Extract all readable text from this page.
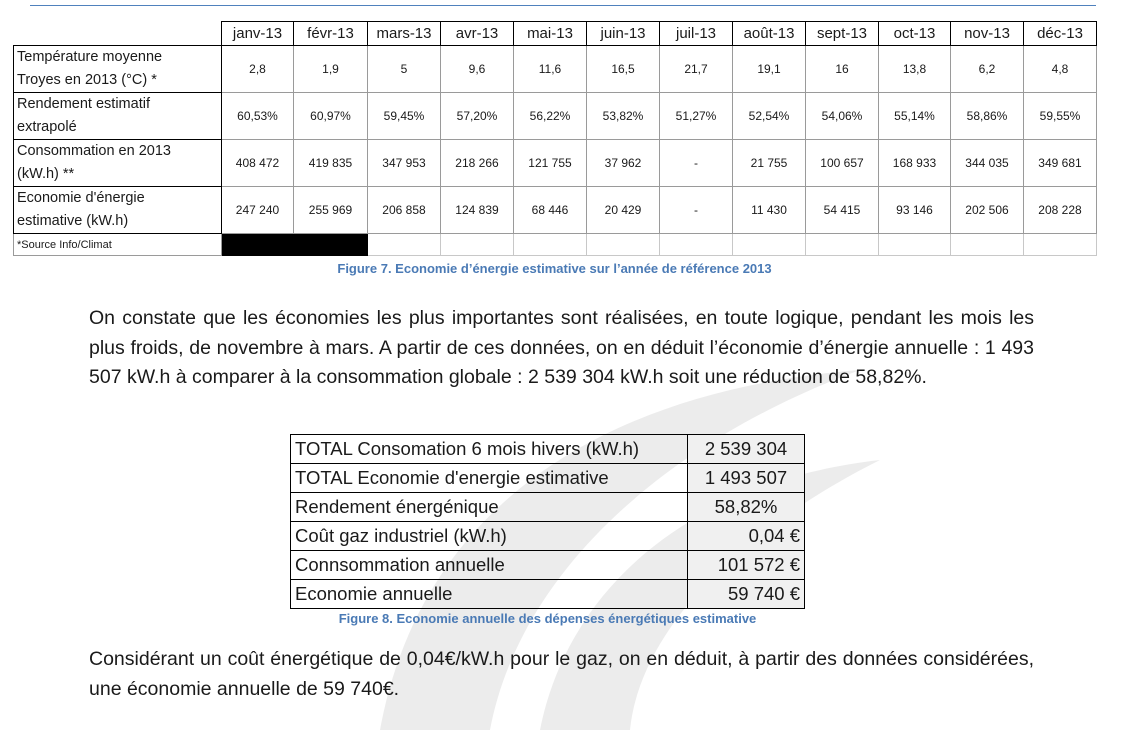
	janv-13	févr-13	mars-13	avr-13	mai-13	juin-13	juil-13	août-13	sept-13	oct-13	nov-13	déc-13
Température moyenne
Troyes en 2013 (°C) *	2,8	1,9	5	9,6	11,6	16,5	21,7	19,1	16	13,8	6,2	4,8
Rendement estimatif
extrapolé	60,53%	60,97%	59,45%	57,20%	56,22%	53,82%	51,27%	52,54%	54,06%	55,14%	58,86%	59,55%
Consommation en 2013
(kW.h) **	408 472	419 835	347 953	218 266	121 755	37 962	-	21 755	100 657	168 933	344 035	349 681
Economie d'énergie
estimative (kW.h)	247 240	255 969	206 858	124 839	68 446	20 429	-	11 430	54 415	93 146	202 506	208 228
*Source Info/Climat												
Figure 7. Economie d’énergie estimative sur l’année de référence 2013

On constate que les économies les plus importantes sont réalisées, en toute logique, pendant les mois les plus froids, de novembre à mars. A partir de ces données, on en déduit l’économie d’énergie annuelle : 1 493 507 kW.h à comparer à la consommation globale : 2 539 304 kW.h soit une réduction de 58,82%.

TOTAL Consomation 6 mois hivers (kW.h)	2 539 304
TOTAL Economie d'energie estimative	1 493 507
Rendement énergénique	58,82%
Coût gaz industriel (kW.h)	0,04 €
Connsommation annuelle	101 572 €
Economie annuelle	59 740 €
Figure 8. Economie annuelle des dépenses énergétiques estimative

Considérant un coût énergétique de 0,04€/kW.h pour le gaz, on en déduit, à partir des données considérées, une économie annuelle de 59 740€.
